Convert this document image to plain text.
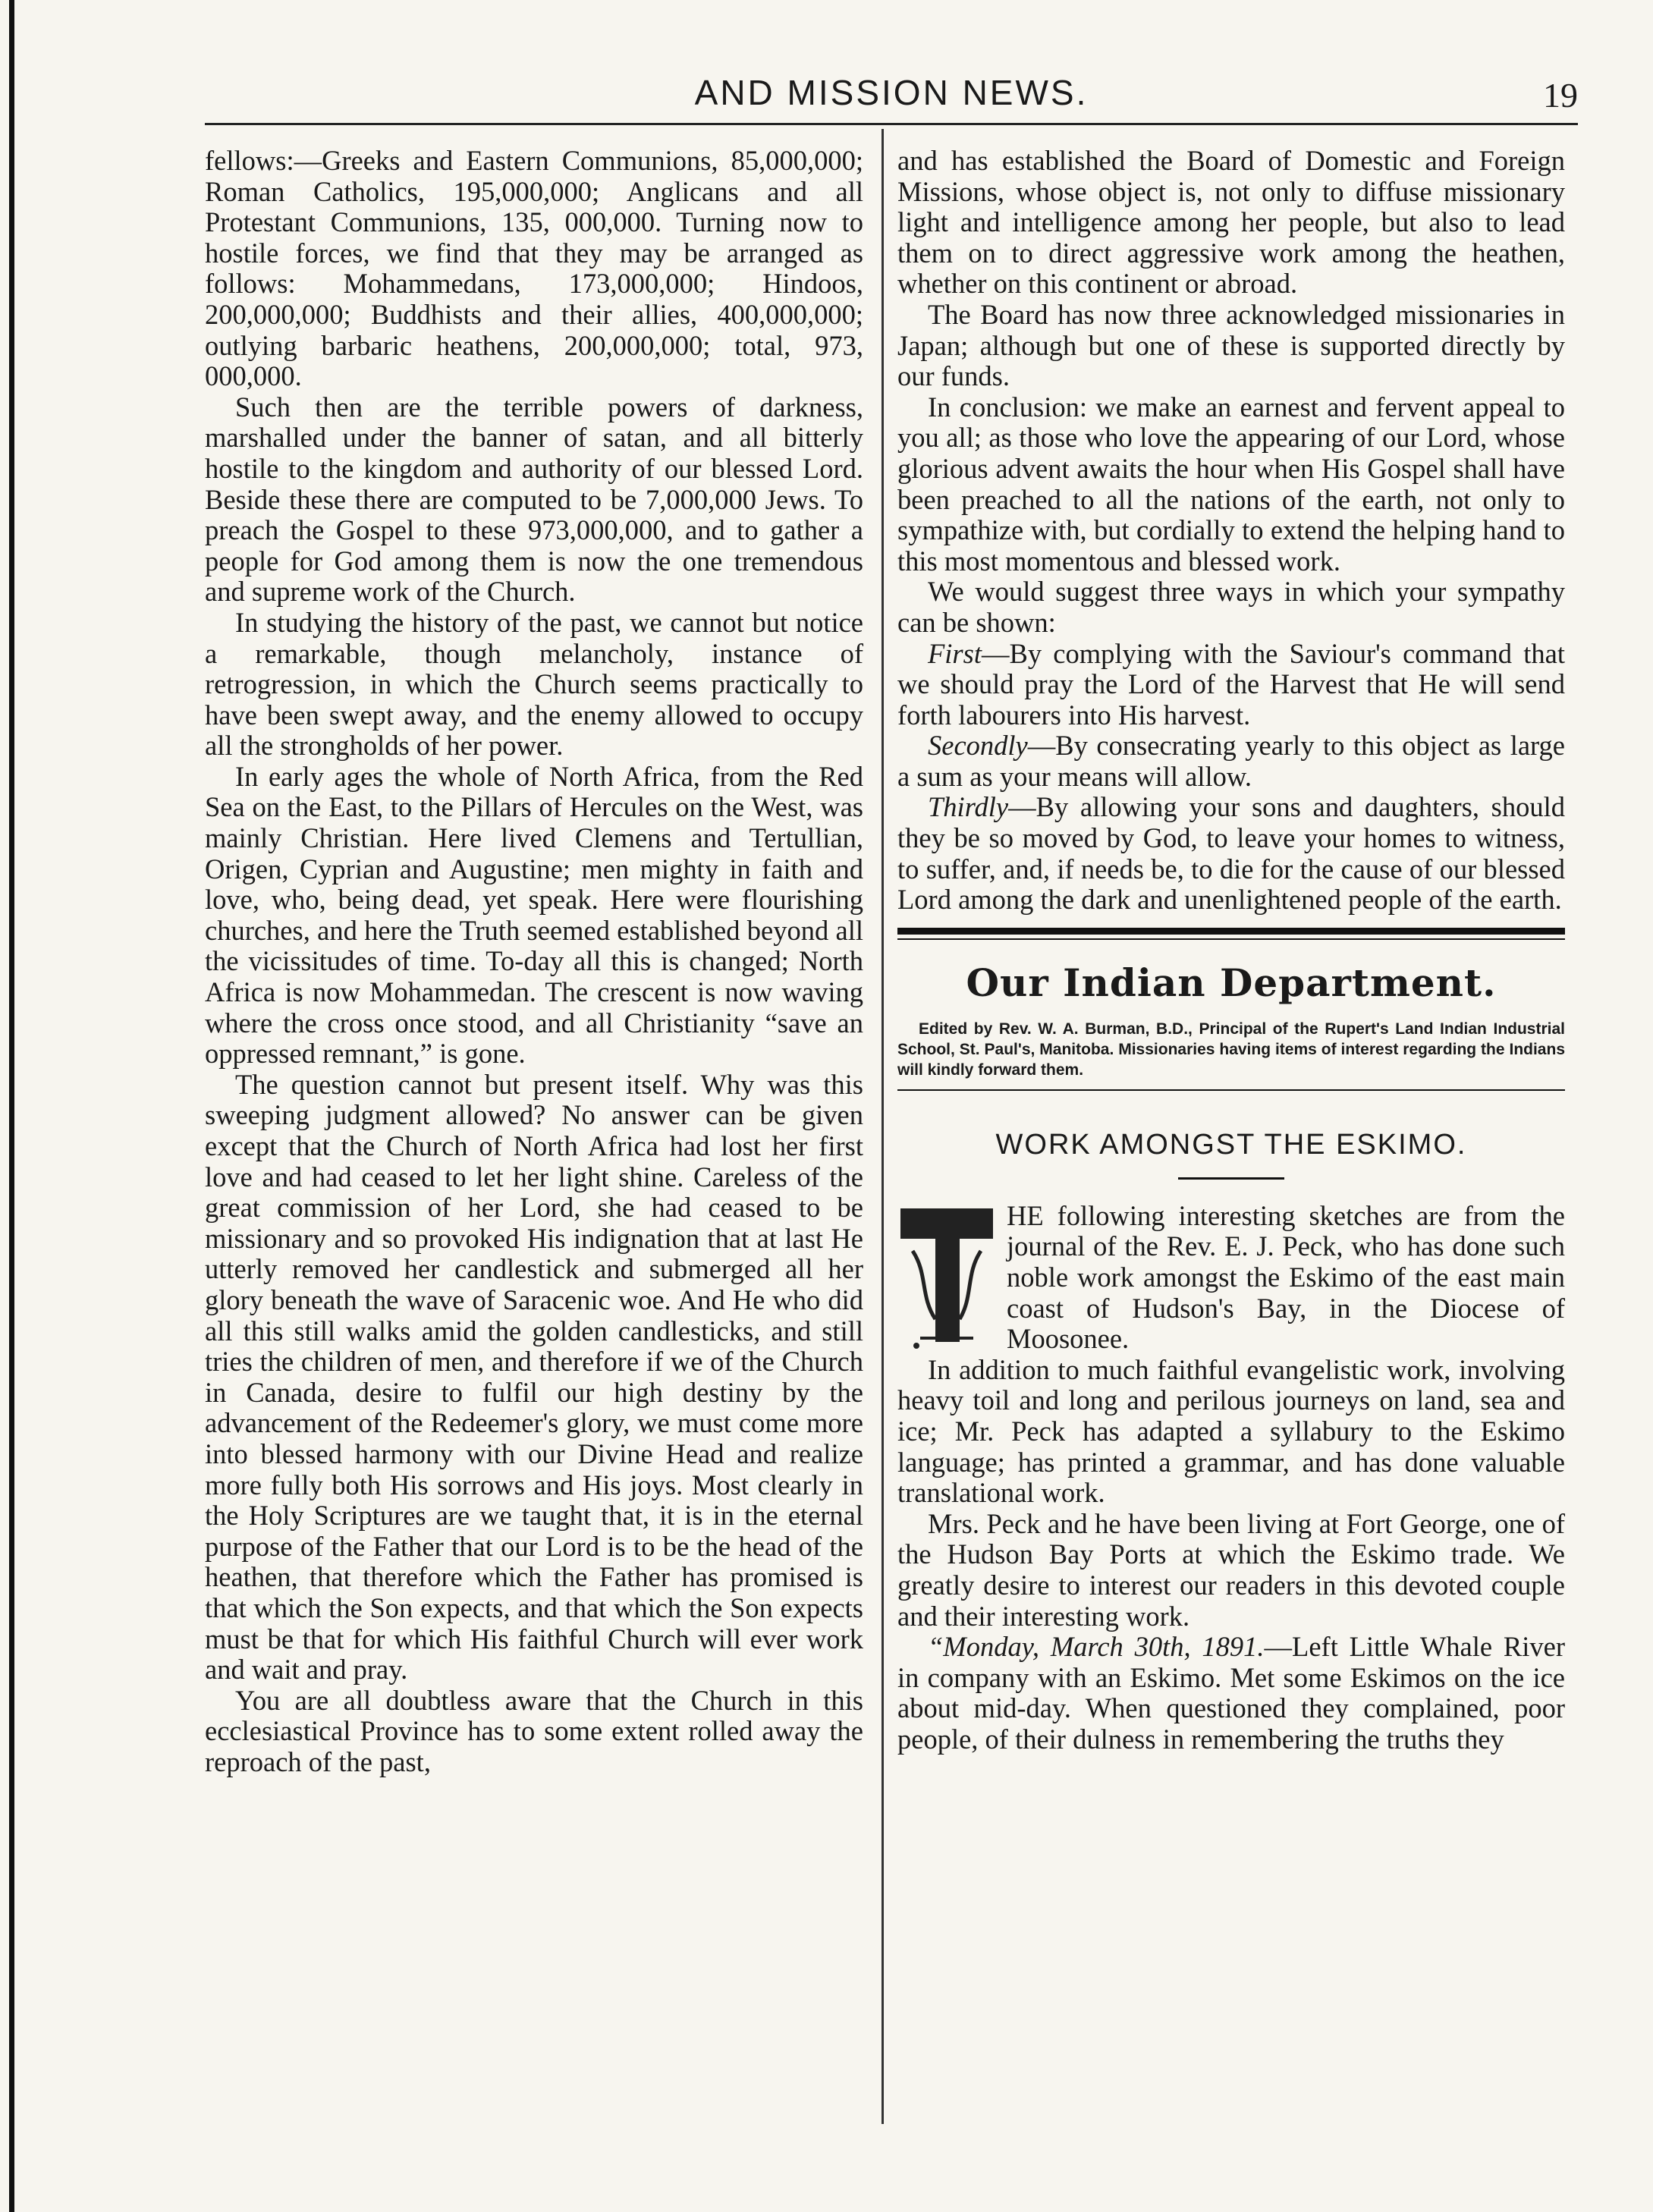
AND MISSION NEWS.	19

fellows:—Greeks and Eastern Communions, 85,000,000; Roman Catholics, 195,000,000; Anglicans and all Protestant Communions, 135, 000,000. Turning now to hostile forces, we find that they may be arranged as follows: Mohammedans, 173,000,000; Hindoos, 200,000,000; Buddhists and their allies, 400,000,000; outlying barbaric heathens, 200,000,000; total, 973, 000,000.

Such then are the terrible powers of darkness, marshalled under the banner of satan, and all bitterly hostile to the kingdom and authority of our blessed Lord. Beside these there are computed to be 7,000,000 Jews. To preach the Gospel to these 973,000,000, and to gather a people for God among them is now the one tremendous and supreme work of the Church.

In studying the history of the past, we cannot but notice a remarkable, though melancholy, instance of retrogression, in which the Church seems practically to have been swept away, and the enemy allowed to occupy all the strongholds of her power.

In early ages the whole of North Africa, from the Red Sea on the East, to the Pillars of Hercules on the West, was mainly Christian. Here lived Clemens and Tertullian, Origen, Cyprian and Augustine; men mighty in faith and love, who, being dead, yet speak. Here were flourishing churches, and here the Truth seemed established beyond all the vicissitudes of time. To-day all this is changed; North Africa is now Mohammedan. The crescent is now waving where the cross once stood, and all Christianity “save an oppressed remnant,” is gone.

The question cannot but present itself. Why was this sweeping judgment allowed? No answer can be given except that the Church of North Africa had lost her first love and had ceased to let her light shine. Careless of the great commission of her Lord, she had ceased to be missionary and so provoked His indignation that at last He utterly removed her candlestick and submerged all her glory beneath the wave of Saracenic woe. And He who did all this still walks amid the golden candlesticks, and still tries the children of men, and therefore if we of the Church in Canada, desire to fulfil our high destiny by the advancement of the Redeemer's glory, we must come more into blessed harmony with our Divine Head and realize more fully both His sorrows and His joys. Most clearly in the Holy Scriptures are we taught that, it is in the eternal purpose of the Father that our Lord is to be the head of the heathen, that therefore which the Father has promised is that which the Son expects, and that which the Son expects must be that for which His faithful Church will ever work and wait and pray.

You are all doubtless aware that the Church in this ecclesiastical Province has to some extent rolled away the reproach of the past,

and has established the Board of Domestic and Foreign Missions, whose object is, not only to diffuse missionary light and intelligence among her people, but also to lead them on to direct aggressive work among the heathen, whether on this continent or abroad.

The Board has now three acknowledged missionaries in Japan; although but one of these is supported directly by our funds.

In conclusion: we make an earnest and fervent appeal to you all; as those who love the appearing of our Lord, whose glorious advent awaits the hour when His Gospel shall have been preached to all the nations of the earth, not only to sympathize with, but cordially to extend the helping hand to this most momentous and blessed work.

We would suggest three ways in which your sympathy can be shown:

First—By complying with the Saviour's command that we should pray the Lord of the Harvest that He will send forth labourers into His harvest.

Secondly—By consecrating yearly to this object as large a sum as your means will allow.

Thirdly—By allowing your sons and daughters, should they be so moved by God, to leave your homes to witness, to suffer, and, if needs be, to die for the cause of our blessed Lord among the dark and unenlightened people of the earth.

Our Indian Department.
Edited by Rev. W. A. Burman, B.D., Principal of the Rupert's Land Indian Industrial School, St. Paul's, Manitoba. Missionaries having items of interest regarding the Indians will kindly forward them.
WORK AMONGST THE ESKIMO.

HE following interesting sketches are from the journal of the Rev. E. J. Peck, who has done such noble work amongst the Eskimo of the east main coast of Hudson's Bay, in the Diocese of Moosonee.

In addition to much faithful evangelistic work, involving heavy toil and long and perilous journeys on land, sea and ice; Mr. Peck has adapted a syllabury to the Eskimo language; has printed a grammar, and has done valuable translational work.

Mrs. Peck and he have been living at Fort George, one of the Hudson Bay Ports at which the Eskimo trade. We greatly desire to interest our readers in this devoted couple and their interesting work.

“Monday, March 30th, 1891.—Left Little Whale River in company with an Eskimo. Met some Eskimos on the ice about mid-day. When questioned they complained, poor people, of their dulness in remembering the truths they
